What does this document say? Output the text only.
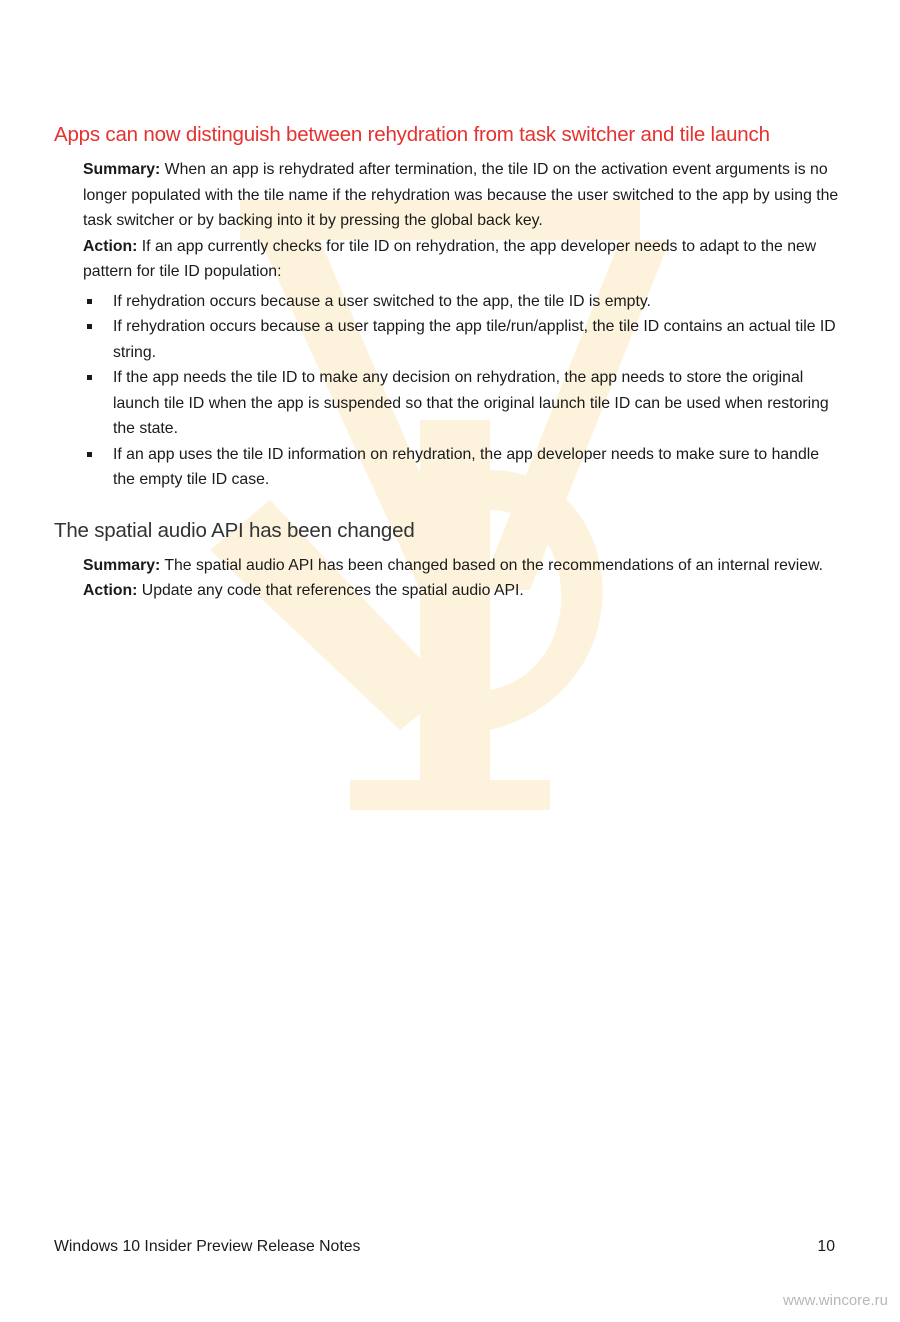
Apps can now distinguish between rehydration from task switcher and tile launch

Summary: When an app is rehydrated after termination, the tile ID on the activation event arguments is no longer populated with the tile name if the rehydration was because the user switched to the app by using the task switcher or by backing into it by pressing the global back key.

Action: If an app currently checks for tile ID on rehydration, the app developer needs to adapt to the new pattern for tile ID population:

If rehydration occurs because a user switched to the app, the tile ID is empty.
If rehydration occurs because a user tapping the app tile/run/applist, the tile ID contains an actual tile ID string.
If the app needs the tile ID to make any decision on rehydration, the app needs to store the original launch tile ID when the app is suspended so that the original launch tile ID can be used when restoring the state.
If an app uses the tile ID information on rehydration, the app developer needs to make sure to handle the empty tile ID case.
The spatial audio API has been changed

Summary: The spatial audio API has been changed based on the recommendations of an internal review.

Action: Update any code that references the spatial audio API.

Windows 10 Insider Preview Release Notes	10
www.wincore.ru
